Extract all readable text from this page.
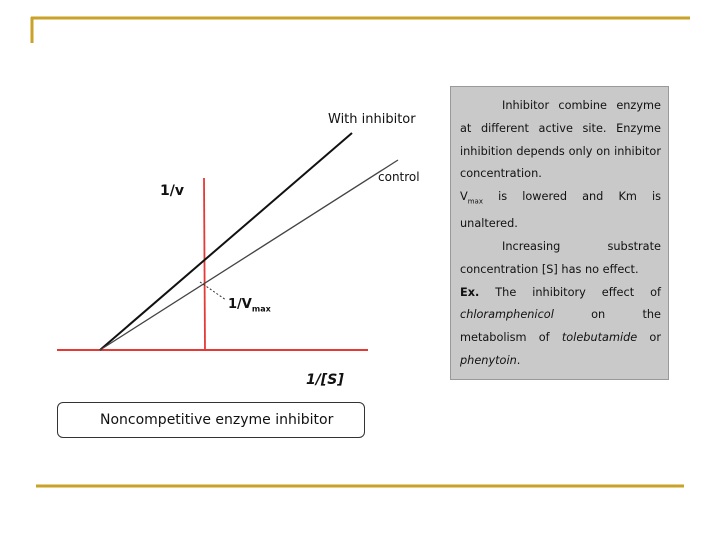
1/v
$1/V_{max}$
1/[S]
With inhibitor
control
Noncompetitive enzyme inhibitor

Inhibitor combine enzyme at different active site. Enzyme inhibition depends only on inhibitor concentration.

$V_{max}$ is lowered and Km is unaltered.

Increasing substrate concentration [S] has no effect.

Ex. The inhibitory effect of chloramphenicol on the metabolism of tolebutamide or phenytoin.
